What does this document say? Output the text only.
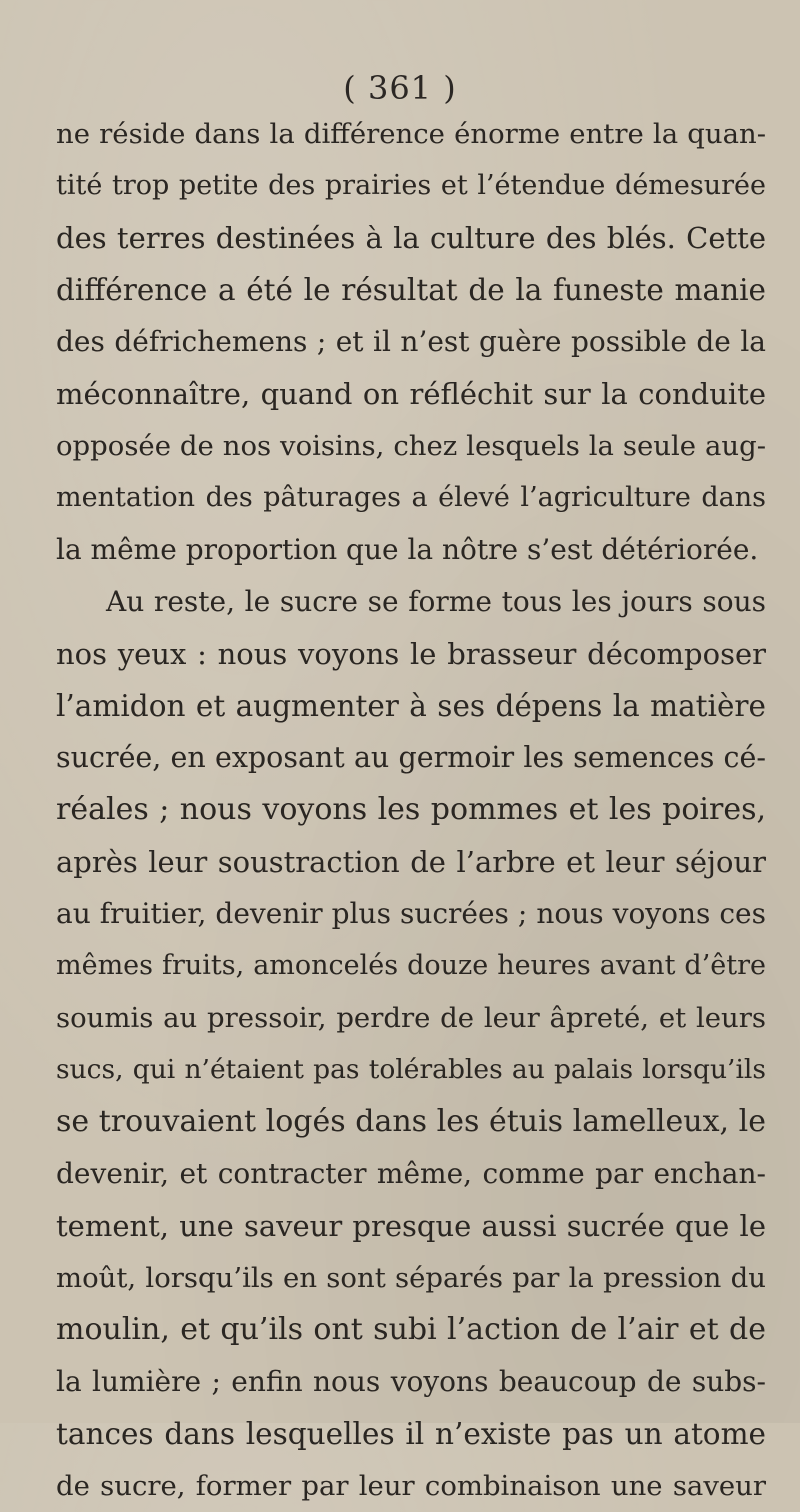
( 361 )
ne réside dans la différence énorme entre la quan-
tité trop petite des prairies et l’étendue démesurée
des terres destinées à la culture des blés. Cette
différence a été le résultat de la funeste manie
des défrichemens ; et il n’est guère possible de la
méconnaître, quand on réfléchit sur la conduite
opposée de nos voisins, chez lesquels la seule aug-
mentation des pâturages a élevé l’agriculture dans
la même proportion que la nôtre s’est détériorée.
Au reste, le sucre se forme tous les jours sous
nos yeux : nous voyons le brasseur décomposer
l’amidon et augmenter à ses dépens la matière
sucrée, en exposant au germoir les semences cé-
réales ; nous voyons les pommes et les poires,
après leur soustraction de l’arbre et leur séjour
au fruitier, devenir plus sucrées ; nous voyons ces
mêmes fruits, amoncelés douze heures avant d’être
soumis au pressoir, perdre de leur âpreté, et leurs
sucs, qui n’étaient pas tolérables au palais lorsqu’ils
se trouvaient logés dans les étuis lamelleux, le
devenir, et contracter même, comme par enchan-
tement, une saveur presque aussi sucrée que le
moût, lorsqu’ils en sont séparés par la pression du
moulin, et qu’ils ont subi l’action de l’air et de
la lumière ; enfin nous voyons beaucoup de subs-
tances dans lesquelles il n’existe pas un atome
de sucre, former par leur combinaison une saveur
